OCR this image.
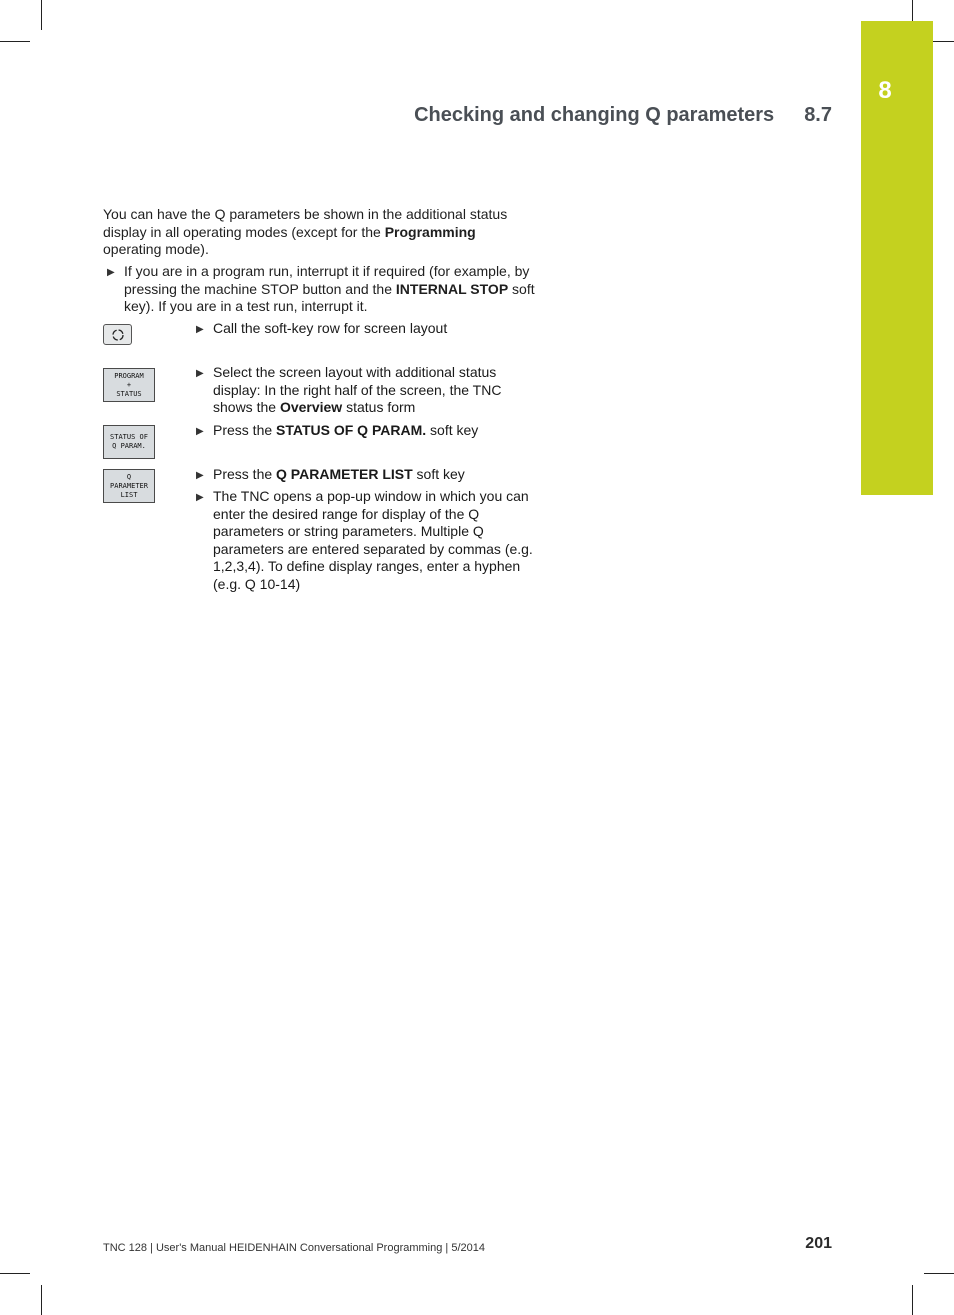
8
Checking and changing Q parameters 8.7
You can have the Q parameters be shown in the additional status display in all operating modes (except for the Programming operating mode).
▶ If you are in a program run, interrupt it if required (for example, by pressing the machine STOP button and the INTERNAL STOP soft key). If you are in a test run, interrupt it.
PROGRAM
+
STATUS
STATUS OF
Q PARAM.
Q
PARAMETER
LIST
▶ Call the soft-key row for screen layout
▶ Select the screen layout with additional status display: In the right half of the screen, the TNC shows the Overview status form
▶ Press the STATUS OF Q PARAM. soft key
▶ Press the Q PARAMETER LIST soft key
▶ The TNC opens a pop-up window in which you can enter the desired range for display of the Q parameters or string parameters. Multiple Q parameters are entered separated by commas (e.g. 1,2,3,4). To define display ranges, enter a hyphen (e.g. Q 10-14)
TNC 128 | User's Manual HEIDENHAIN Conversational Programming | 5/2014	201
